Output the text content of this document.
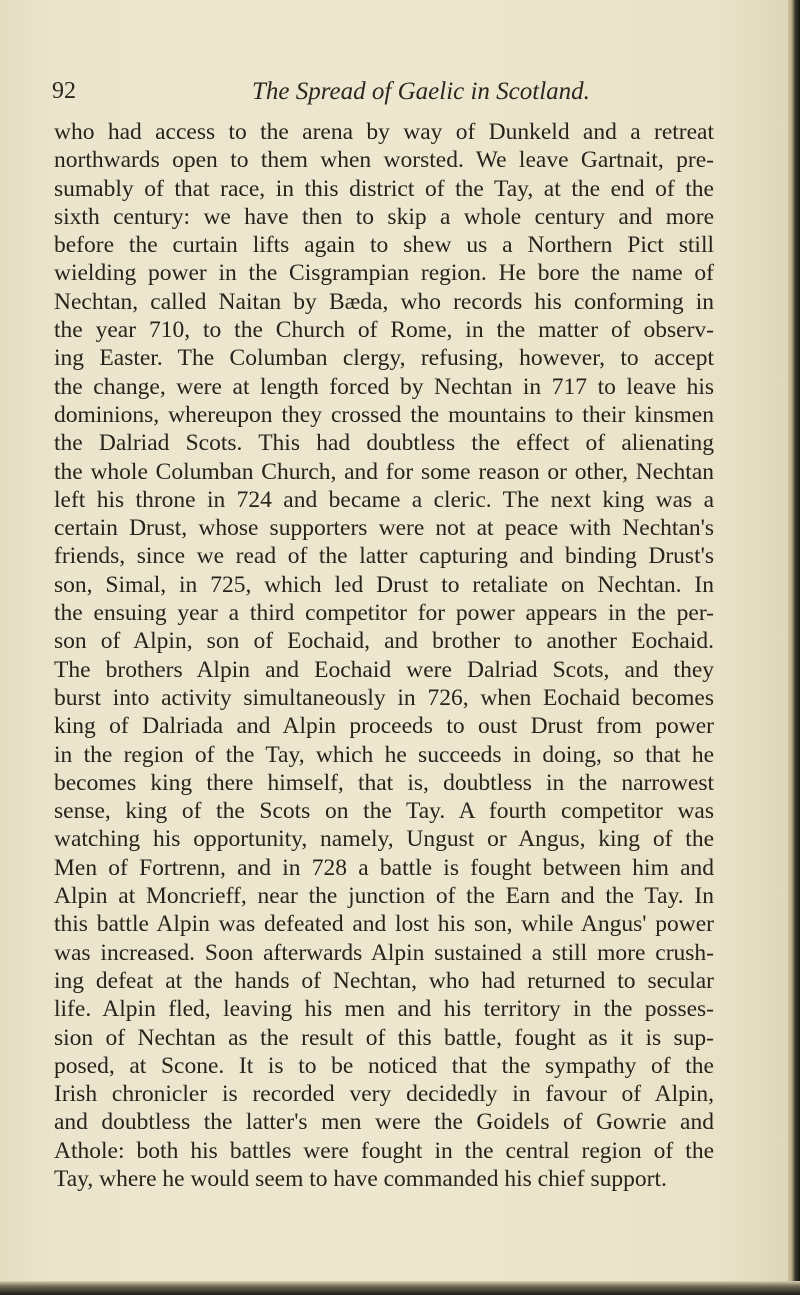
92	The Spread of Gaelic in Scotland.
who had access to the arena by way of Dunkeld and a retreat
northwards open to them when worsted. We leave Gartnait, pre-
sumably of that race, in this district of the Tay, at the end of the
sixth century: we have then to skip a whole century and more
before the curtain lifts again to shew us a Northern Pict still
wielding power in the Cisgrampian region. He bore the name of
Nechtan, called Naitan by Bæda, who records his conforming in
the year 710, to the Church of Rome, in the matter of observ-
ing Easter. The Columban clergy, refusing, however, to accept
the change, were at length forced by Nechtan in 717 to leave his
dominions, whereupon they crossed the mountains to their kinsmen
the Dalriad Scots. This had doubtless the effect of alienating
the whole Columban Church, and for some reason or other, Nechtan
left his throne in 724 and became a cleric. The next king was a
certain Drust, whose supporters were not at peace with Nechtan's
friends, since we read of the latter capturing and binding Drust's
son, Simal, in 725, which led Drust to retaliate on Nechtan. In
the ensuing year a third competitor for power appears in the per-
son of Alpin, son of Eochaid, and brother to another Eochaid.
The brothers Alpin and Eochaid were Dalriad Scots, and they
burst into activity simultaneously in 726, when Eochaid becomes
king of Dalriada and Alpin proceeds to oust Drust from power
in the region of the Tay, which he succeeds in doing, so that he
becomes king there himself, that is, doubtless in the narrowest
sense, king of the Scots on the Tay. A fourth competitor was
watching his opportunity, namely, Ungust or Angus, king of the
Men of Fortrenn, and in 728 a battle is fought between him and
Alpin at Moncrieff, near the junction of the Earn and the Tay. In
this battle Alpin was defeated and lost his son, while Angus' power
was increased. Soon afterwards Alpin sustained a still more crush-
ing defeat at the hands of Nechtan, who had returned to secular
life. Alpin fled, leaving his men and his territory in the posses-
sion of Nechtan as the result of this battle, fought as it is sup-
posed, at Scone. It is to be noticed that the sympathy of the
Irish chronicler is recorded very decidedly in favour of Alpin,
and doubtless the latter's men were the Goidels of Gowrie and
Athole: both his battles were fought in the central region of the
Tay, where he would seem to have commanded his chief support.
